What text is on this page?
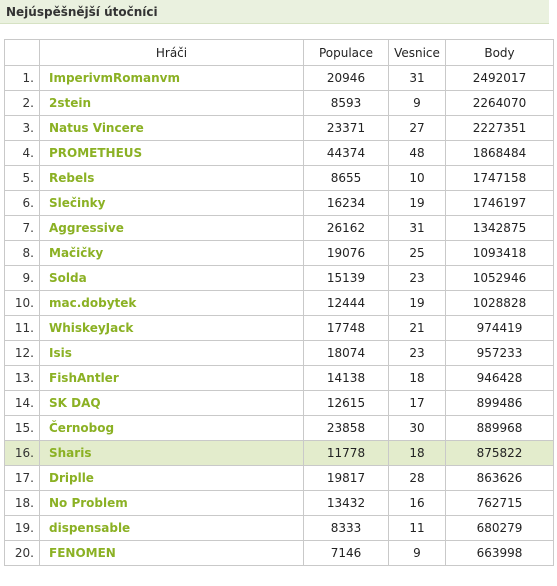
Nejúspěšnější útočníci
	Hráči	Populace	Vesnice	Body
1.	ImperivmRomanvm	20946	31	2492017
2.	2stein	8593	9	2264070
3.	Natus Vincere	23371	27	2227351
4.	PROMETHEUS	44374	48	1868484
5.	Rebels	8655	10	1747158
6.	Slečinky	16234	19	1746197
7.	Aggressive	26162	31	1342875
8.	Mačičky	19076	25	1093418
9.	Solda	15139	23	1052946
10.	mac.dobytek	12444	19	1028828
11.	WhiskeyJack	17748	21	974419
12.	Isis	18074	23	957233
13.	FishAntler	14138	18	946428
14.	SK DAQ	12615	17	899486
15.	Černobog	23858	30	889968
16.	Sharis	11778	18	875822
17.	Driplle	19817	28	863626
18.	No Problem	13432	16	762715
19.	dispensable	8333	11	680279
20.	FENOMEN	7146	9	663998
